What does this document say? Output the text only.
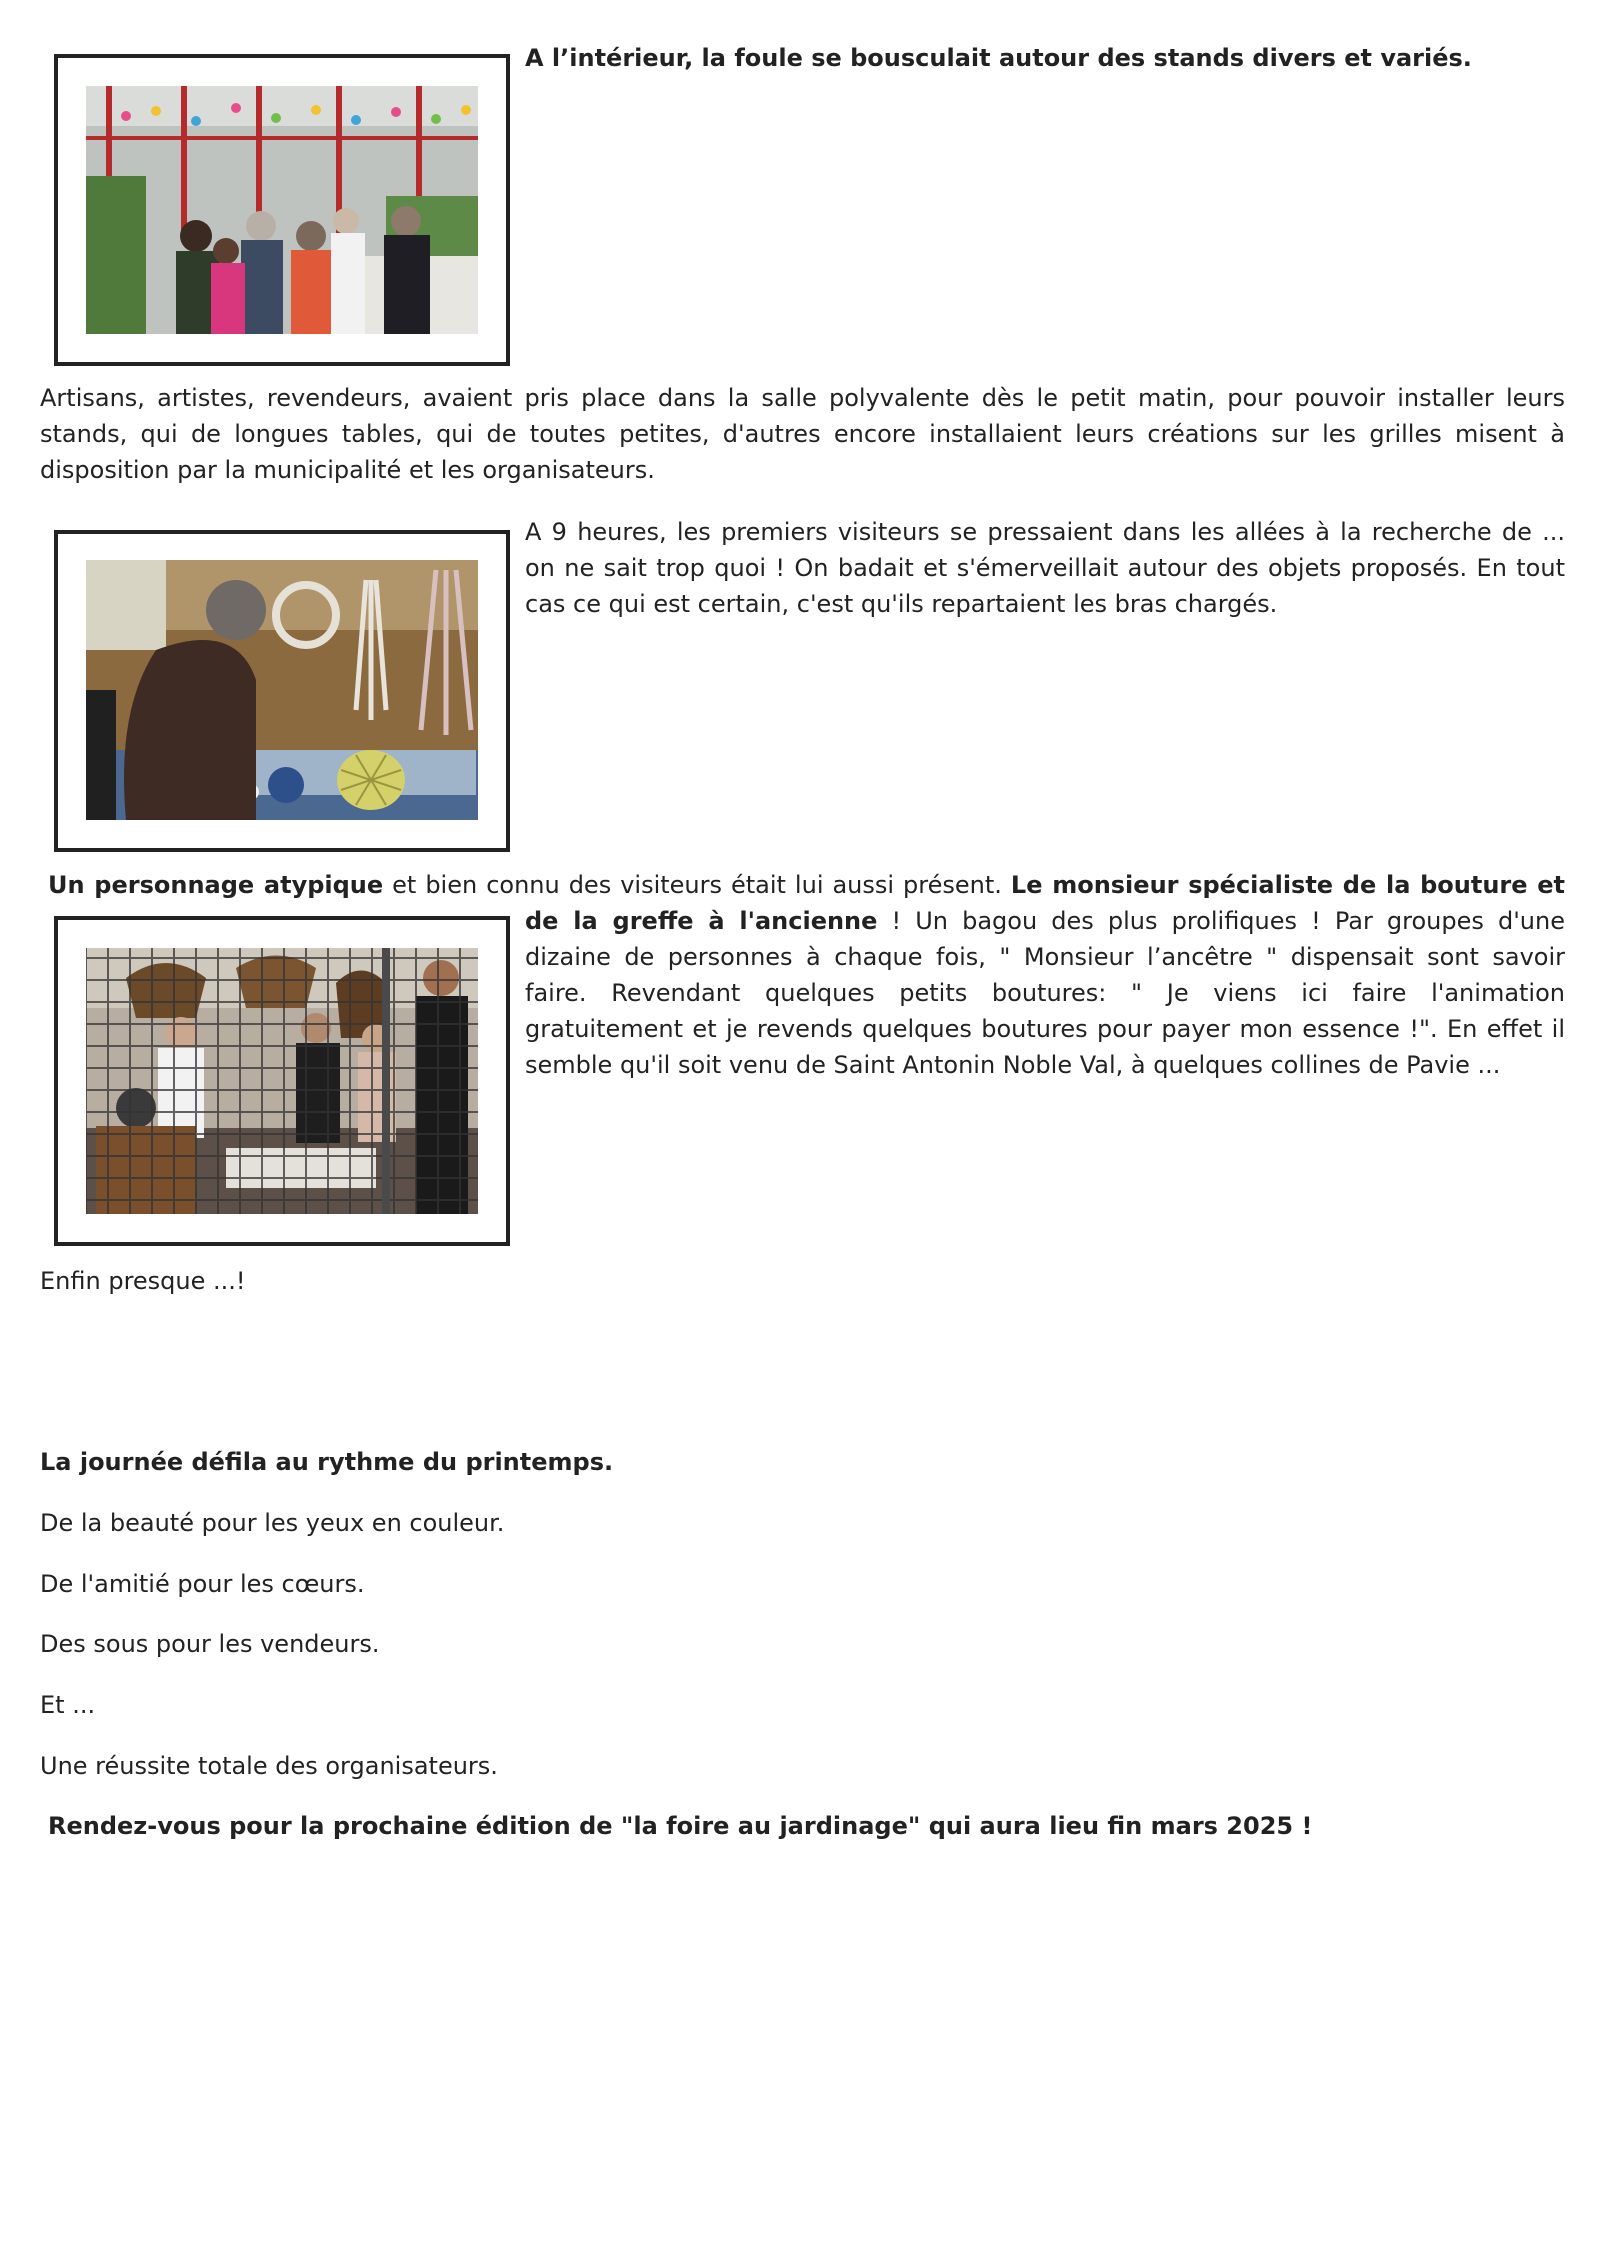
A l’intérieur, la foule se bousculait autour des stands divers et variés.

Artisans, artistes, revendeurs, avaient pris place dans la salle polyvalente dès le petit matin, pour pouvoir installer leurs
stands, qui de longues tables, qui de toutes petites, d'autres encore installaient leurs créations sur les grilles misent à
disposition par la municipalité et les organisateurs.
A 9 heures, les premiers visiteurs se pressaient dans les allées à la recherche de ...
on ne sait trop quoi ! On badait et s'émerveillait autour des objets proposés. En tout
cas ce qui est certain, c'est qu'ils repartaient les bras chargés.
Un personnage atypique et bien connu des visiteurs était lui aussi présent. Le monsieur spécialiste de la bouture et
de la greffe à l'ancienne ! Un bagou des plus prolifiques ! Par groupes d'une
dizaine de personnes à chaque fois, " Monsieur l’ancêtre " dispensait sont savoir
faire. Revendant quelques petits boutures: " Je viens ici faire l'animation
gratuitement et je revends quelques boutures pour payer mon essence !". En effet il
semble qu'il soit venu de Saint Antonin Noble Val, à quelques collines de Pavie ...

Enfin presque ...!

La journée défila au rythme du printemps.

De la beauté pour les yeux en couleur.

De l'amitié pour les cœurs.

Des sous pour les vendeurs.

Et ...

Une réussite totale des organisateurs.

Rendez-vous pour la prochaine édition de "la foire au jardinage" qui aura lieu fin mars 2025 !
